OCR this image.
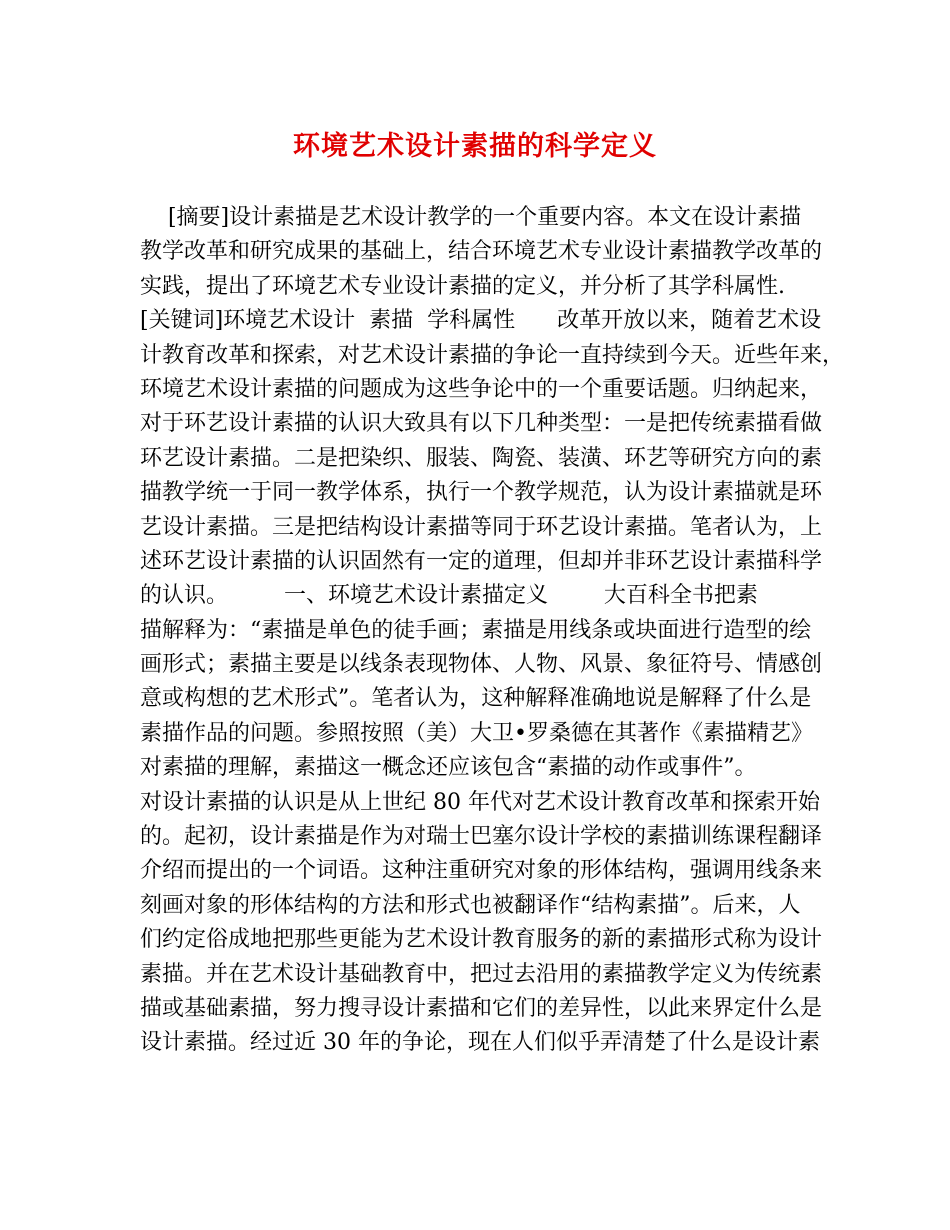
环境艺术设计素描的科学定义
[摘要]设计素描是艺术设计教学的一个重要内容。本文在设计素描
教学改革和研究成果的基础上，结合环境艺术专业设计素描教学改革的
实践，提出了环境艺术专业设计素描的定义，并分析了其学科属性.
[关键词]环境艺术设计  素描  学科属性      改革开放以来，随着艺术设
计教育改革和探索，对艺术设计素描的争论一直持续到今天。近些年来，
环境艺术设计素描的问题成为这些争论中的一个重要话题。归纳起来，
对于环艺设计素描的认识大致具有以下几种类型：一是把传统素描看做
环艺设计素描。二是把染织、服装、陶瓷、装潢、环艺等研究方向的素
描教学统一于同一教学体系，执行一个教学规范，认为设计素描就是环
艺设计素描。三是把结构设计素描等同于环艺设计素描。笔者认为，上
述环艺设计素描的认识固然有一定的道理，但却并非环艺设计素描科学
的认识。        一、环境艺术设计素描定义        大百科全书把素
描解释为：“素描是单色的徒手画；素描是用线条或块面进行造型的绘
画形式；素描主要是以线条表现物体、人物、风景、象征符号、情感创
意或构想的艺术形式”。笔者认为，这种解释准确地说是解释了什么是
素描作品的问题。参照按照（美）大卫•罗桑德在其著作《素描精艺》
对素描的理解，素描这一概念还应该包含“素描的动作或事件”。
对设计素描的认识是从上世纪 80 年代对艺术设计教育改革和探索开始
的。起初，设计素描是作为对瑞士巴塞尔设计学校的素描训练课程翻译
介绍而提出的一个词语。这种注重研究对象的形体结构，强调用线条来
刻画对象的形体结构的方法和形式也被翻译作“结构素描”。后来，人
们约定俗成地把那些更能为艺术设计教育服务的新的素描形式称为设计
素描。并在艺术设计基础教育中，把过去沿用的素描教学定义为传统素
描或基础素描，努力搜寻设计素描和它们的差异性，以此来界定什么是
设计素描。经过近 30 年的争论，现在人们似乎弄清楚了什么是设计素
